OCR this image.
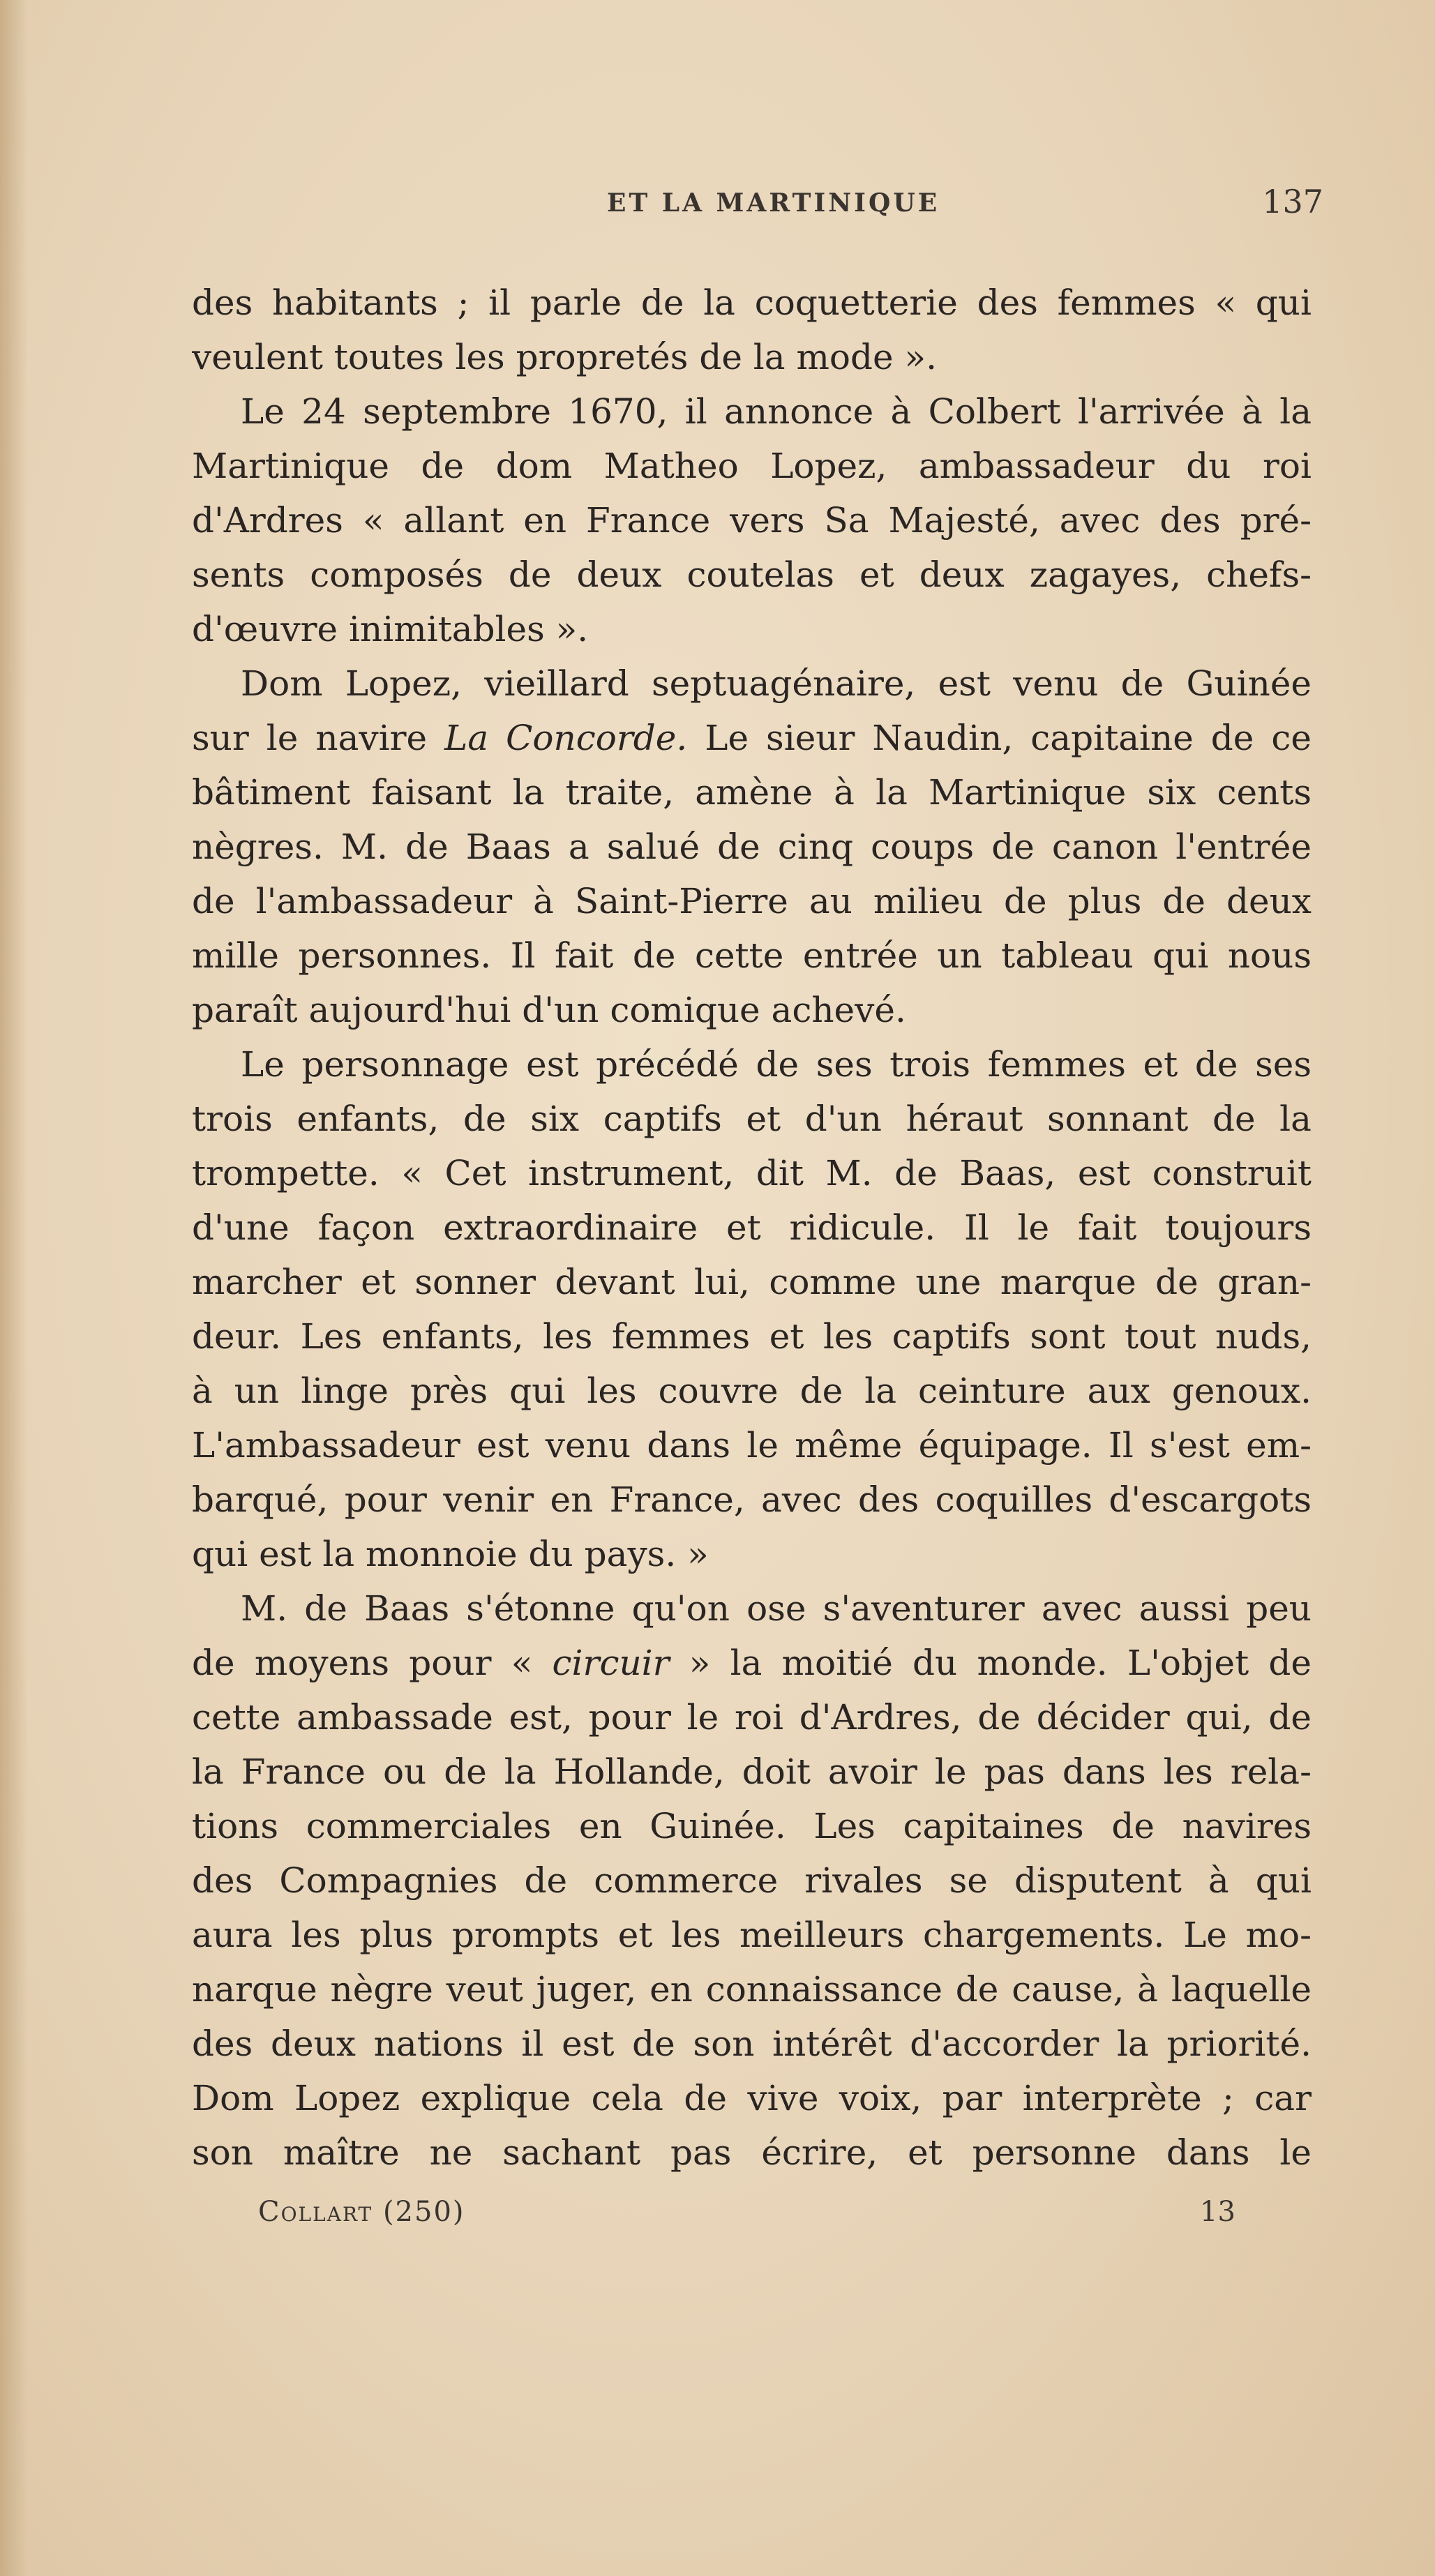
ET LA MARTINIQUE	137
des habitants ; il parle de la coquetterie des femmes « qui
veulent toutes les propretés de la mode ».
Le 24 septembre 1670, il annonce à Colbert l'arrivée à la
Martinique de dom Matheo Lopez, ambassadeur du roi
d'Ardres « allant en France vers Sa Majesté, avec des pré-
sents composés de deux coutelas et deux zagayes, chefs-
d'œuvre inimitables ».
Dom Lopez, vieillard septuagénaire, est venu de Guinée
sur le navire La Concorde. Le sieur Naudin, capitaine de ce
bâtiment faisant la traite, amène à la Martinique six cents
nègres. M. de Baas a salué de cinq coups de canon l'entrée
de l'ambassadeur à Saint-Pierre au milieu de plus de deux
mille personnes. Il fait de cette entrée un tableau qui nous
paraît aujourd'hui d'un comique achevé.
Le personnage est précédé de ses trois femmes et de ses
trois enfants, de six captifs et d'un héraut sonnant de la
trompette. « Cet instrument, dit M. de Baas, est construit
d'une façon extraordinaire et ridicule. Il le fait toujours
marcher et sonner devant lui, comme une marque de gran-
deur. Les enfants, les femmes et les captifs sont tout nuds,
à un linge près qui les couvre de la ceinture aux genoux.
L'ambassadeur est venu dans le même équipage. Il s'est em-
barqué, pour venir en France, avec des coquilles d'escargots
qui est la monnoie du pays. »
M. de Baas s'étonne qu'on ose s'aventurer avec aussi peu
de moyens pour « circuir » la moitié du monde. L'objet de
cette ambassade est, pour le roi d'Ardres, de décider qui, de
la France ou de la Hollande, doit avoir le pas dans les rela-
tions commerciales en Guinée. Les capitaines de navires
des Compagnies de commerce rivales se disputent à qui
aura les plus prompts et les meilleurs chargements. Le mo-
narque nègre veut juger, en connaissance de cause, à laquelle
des deux nations il est de son intérêt d'accorder la priorité.
Dom Lopez explique cela de vive voix, par interprète ; car
son maître ne sachant pas écrire, et personne dans le
Collart (250)	13
